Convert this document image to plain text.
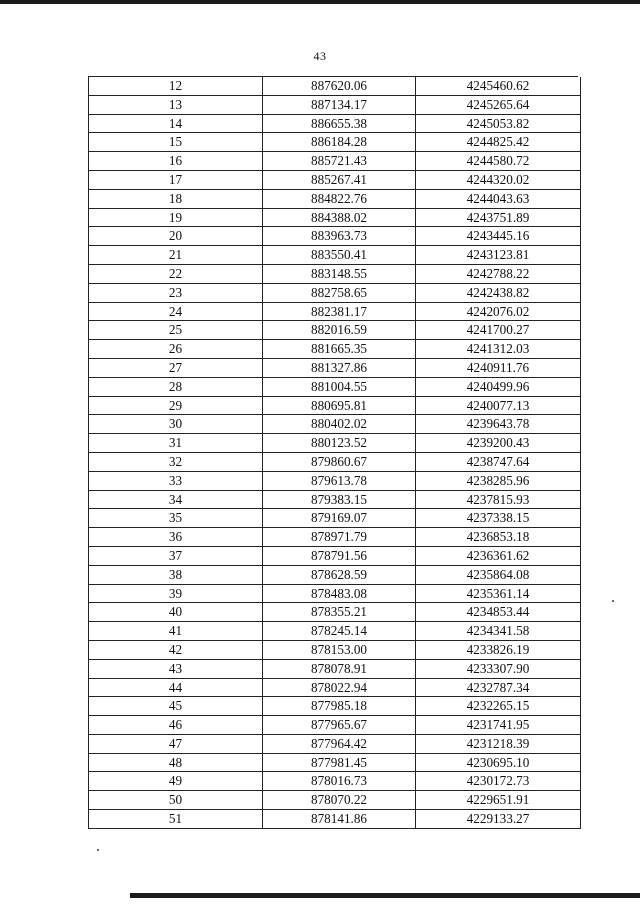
43
12	887620.06	4245460.62
13	887134.17	4245265.64
14	886655.38	4245053.82
15	886184.28	4244825.42
16	885721.43	4244580.72
17	885267.41	4244320.02
18	884822.76	4244043.63
19	884388.02	4243751.89
20	883963.73	4243445.16
21	883550.41	4243123.81
22	883148.55	4242788.22
23	882758.65	4242438.82
24	882381.17	4242076.02
25	882016.59	4241700.27
26	881665.35	4241312.03
27	881327.86	4240911.76
28	881004.55	4240499.96
29	880695.81	4240077.13
30	880402.02	4239643.78
31	880123.52	4239200.43
32	879860.67	4238747.64
33	879613.78	4238285.96
34	879383.15	4237815.93
35	879169.07	4237338.15
36	878971.79	4236853.18
37	878791.56	4236361.62
38	878628.59	4235864.08
39	878483.08	4235361.14
40	878355.21	4234853.44
41	878245.14	4234341.58
42	878153.00	4233826.19
43	878078.91	4233307.90
44	878022.94	4232787.34
45	877985.18	4232265.15
46	877965.67	4231741.95
47	877964.42	4231218.39
48	877981.45	4230695.10
49	878016.73	4230172.73
50	878070.22	4229651.91
51	878141.86	4229133.27
